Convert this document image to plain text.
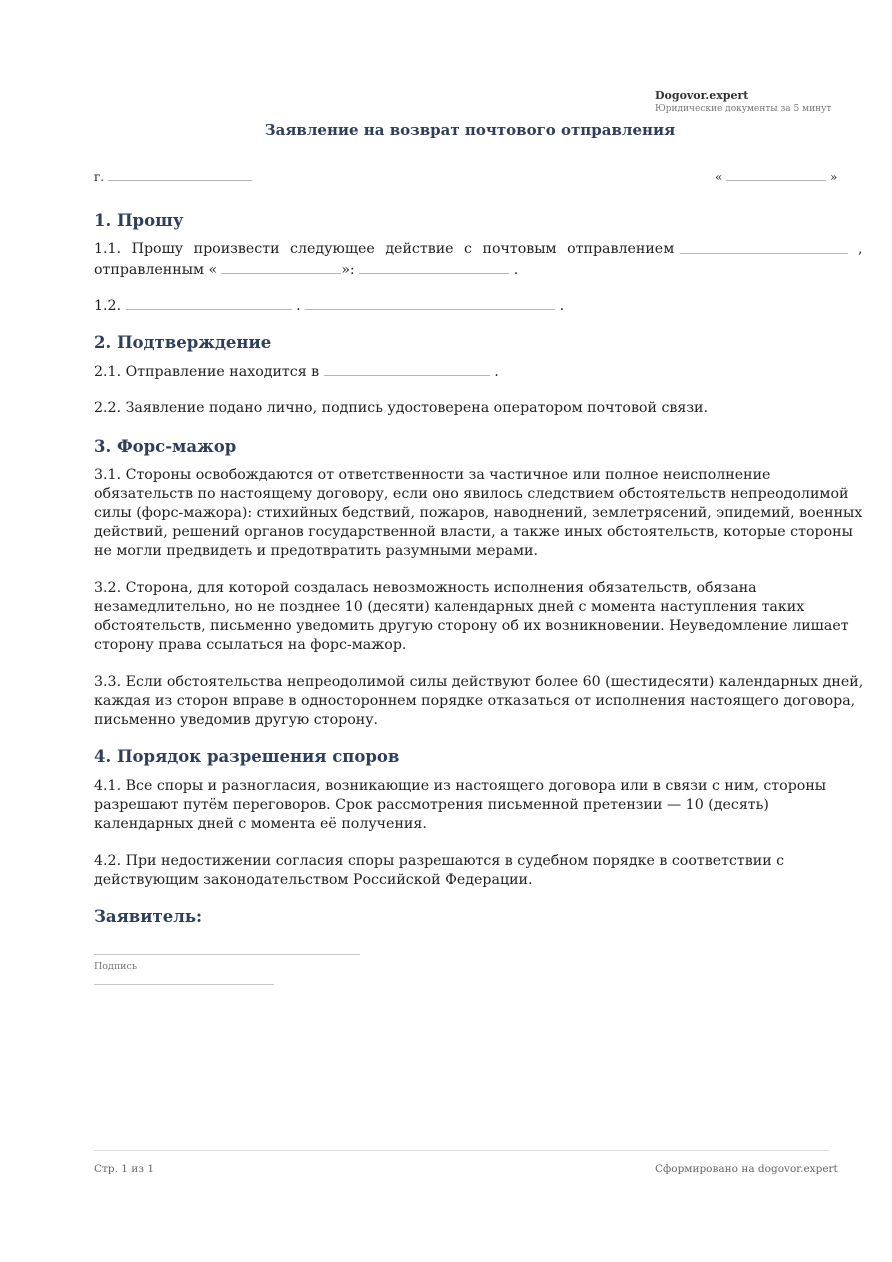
Dogovor.expert
Юридические документы за 5 минут
Заявление на возврат почтового отправления
г.	«	»
1. Прошу
1.1. Прошу произвести следующее действие с почтовым отправлением	,
отправленным «	»:	.
1.2.	.	.
2. Подтверждение
2.1. Отправление находится в	.
2.2. Заявление подано лично, подпись удостоверена оператором почтовой связи.
3. Форс-мажор
3.1. Стороны освобождаются от ответственности за частичное или полное неисполнение обязательств по настоящему договору, если оно явилось следствием обстоятельств непреодолимой силы (форс-мажора): стихийных бедствий, пожаров, наводнений, землетрясений, эпидемий, военных действий, решений органов государственной власти, а также иных обстоятельств, которые стороны не могли предвидеть и предотвратить разумными мерами.
3.2. Сторона, для которой создалась невозможность исполнения обязательств, обязана незамедлительно, но не позднее 10 (десяти) календарных дней с момента наступления таких обстоятельств, письменно уведомить другую сторону об их возникновении. Неуведомление лишает сторону права ссылаться на форс-мажор.
3.3. Если обстоятельства непреодолимой силы действуют более 60 (шестидесяти) календарных дней, каждая из сторон вправе в одностороннем порядке отказаться от исполнения настоящего договора, письменно уведомив другую сторону.
4. Порядок разрешения споров
4.1. Все споры и разногласия, возникающие из настоящего договора или в связи с ним, стороны разрешают путём переговоров. Срок рассмотрения письменной претензии — 10 (десять) календарных дней с момента её получения.
4.2. При недостижении согласия споры разрешаются в судебном порядке в соответствии с действующим законодательством Российской Федерации.
Заявитель:
Подпись
Стр. 1 из 1	Сформировано на dogovor.expert
